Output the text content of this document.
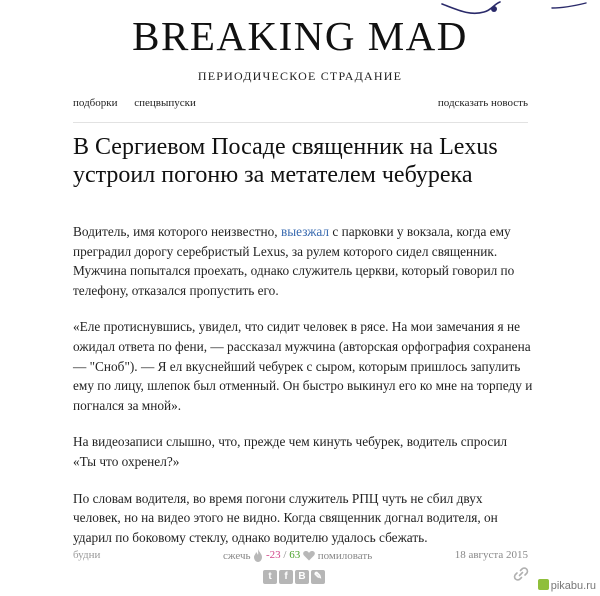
BREAKING MAD
ПЕРИОДИЧЕСКОЕ СТРАДАНИЕ
подборки спецвыпуски	подсказать новость
В Сергиевом Посаде священник на Lexus устроил погоню за метателем чебурека

Водитель, имя которого неизвестно, выезжал с парковки у вокзала, когда ему преградил дорогу серебристый Lexus, за рулем которого сидел священник. Мужчина попытался проехать, однако служитель церкви, который говорил по телефону, отказался пропустить его.

«Еле протиснувшись, увидел, что сидит человек в рясе. На мои замечания я не ожидал ответа по фени, — рассказал мужчина (авторская орфография сохранена — "Сноб"). — Я ел вкуснейший чебурек с сыром, которым пришлось запулить ему по лицу, шлепок был отменный. Он быстро выкинул его ко мне на торпеду и погнался за мной».

На видеозаписи слышно, что, прежде чем кинуть чебурек, водитель спросил «Ты что охренел?»

По словам водителя, во время погони служитель РПЦ чуть не сбил двух человек, но на видео этого не видно. Когда священник догнал водителя, он ударил по боковому стеклу, однако водителю удалось сбежать.

будни	сжечь -23 / 63 помиловать	18 августа 2015
t f B ✎
pikabu.ru
